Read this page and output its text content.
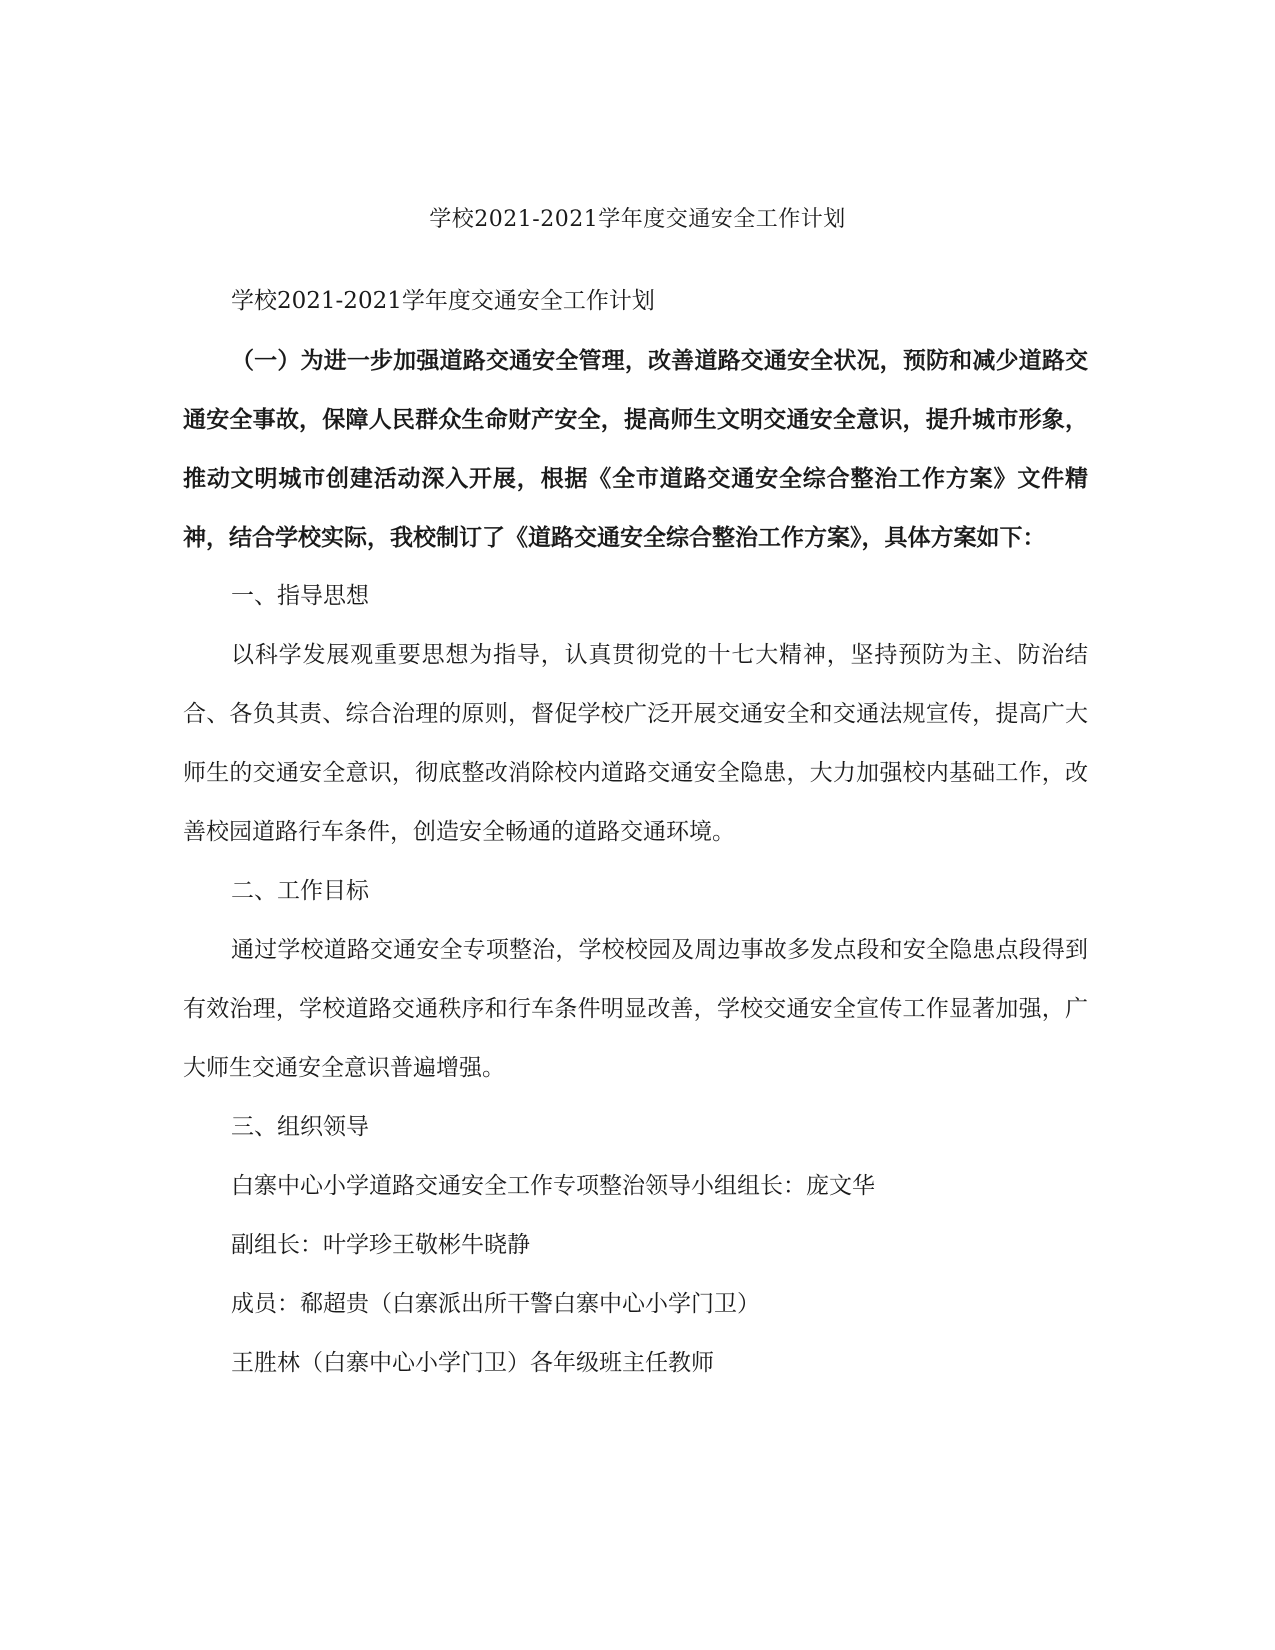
学校2021-2021学年度交通安全工作计划

学校2021-2021学年度交通安全工作计划

（一）为进一步加强道路交通安全管理，改善道路交通安全状况，预防和减少道路交通安全事故，保障人民群众生命财产安全，提高师生文明交通安全意识，提升城市形象，推动文明城市创建活动深入开展，根据《全市道路交通安全综合整治工作方案》文件精神，结合学校实际，我校制订了《道路交通安全综合整治工作方案》，具体方案如下：

一、指导思想

以科学发展观重要思想为指导，认真贯彻党的十七大精神，坚持预防为主、防治结合、各负其责、综合治理的原则，督促学校广泛开展交通安全和交通法规宣传，提高广大师生的交通安全意识，彻底整改消除校内道路交通安全隐患，大力加强校内基础工作，改善校园道路行车条件，创造安全畅通的道路交通环境。

二、工作目标

通过学校道路交通安全专项整治，学校校园及周边事故多发点段和安全隐患点段得到有效治理，学校道路交通秩序和行车条件明显改善，学校交通安全宣传工作显著加强，广大师生交通安全意识普遍增强。

三、组织领导

白寨中心小学道路交通安全工作专项整治领导小组组长：庞文华

副组长：叶学珍王敬彬牛晓静

成员：郗超贵（白寨派出所干警白寨中心小学门卫）

王胜林（白寨中心小学门卫）各年级班主任教师
